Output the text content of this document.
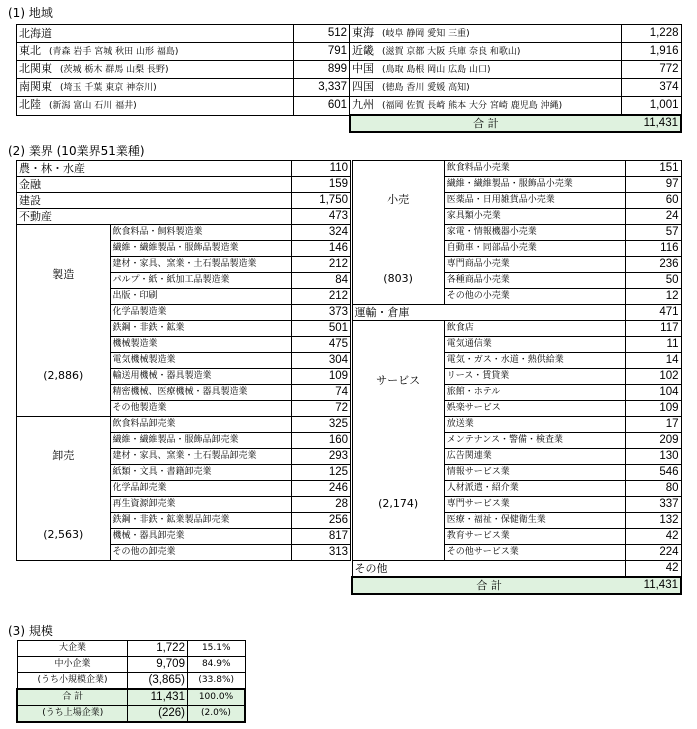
(1) 地域
北海道	512	東海 (岐阜 静岡 愛知 三重)	1,228
東北 (青森 岩手 宮城 秋田 山形 福島)	791	近畿 (滋賀 京都 大阪 兵庫 奈良 和歌山)	1,916
北関東 (茨城 栃木 群馬 山梨 長野)	899	中国 (鳥取 島根 岡山 広島 山口)	772
南関東 (埼玉 千葉 東京 神奈川)	3,337	四国 (徳島 香川 愛媛 高知)	374
北陸 (新潟 富山 石川 福井)	601	九州 (福岡 佐賀 長崎 熊本 大分 宮崎 鹿児島 沖縄)	1,001
		合 計	11,431
(2) 業界 (10業界51業種)
農・林・水産		110
金融		159
建設		1,750
不動産		473

製造
(2,886)	飲食料品・飼料製造業	324
	繊維・繊維製品・服飾品製造業	146
	建材・家具、窯業・土石製品製造業	212
	パルプ・紙・紙加工品製造業	84
	出版・印刷	212
	化学品製造業	373
	鉄鋼・非鉄・鉱業	501
	機械製造業	475
	電気機械製造業	304
	輸送用機械・器具製造業	109
	精密機械、医療機械・器具製造業	74
	その他製造業	72

卸売
(2,563)	飲食料品卸売業	325
	繊維・繊維製品・服飾品卸売業	160
	建材・家具、窯業・土石製品卸売業	293
	紙類・文具・書籍卸売業	125
	化学品卸売業	246
	再生資源卸売業	28
	鉄鋼・非鉄・鉱業製品卸売業	256
	機械・器具卸売業	817
	その他の卸売業	313
小売
(803)	飲食料品小売業	151
	繊維・繊維製品・服飾品小売業	97
	医薬品・日用雑貨品小売業	60
	家具類小売業	24
	家電・情報機器小売業	57
	自動車・同部品小売業	116
	専門商品小売業	236
	各種商品小売業	50
	その他の小売業	12
運輸・倉庫		471

サービス
(2,174)	飲食店	117
	電気通信業	11
	電気・ガス・水道・熱供給業	14
	リース・賃貸業	102
	旅館・ホテル	104
	娯楽サービス	109
	放送業	17
	メンテナンス・警備・検査業	209
	広告関連業	130
	情報サービス業	546
	人材派遣・紹介業	80
	専門サービス業	337
	医療・福祉・保健衛生業	132
	教育サービス業	42
	その他サービス業	224
その他		42
合 計		11,431
(3) 規模
大企業	1,722	15.1%
中小企業	9,709	84.9%
(うち小規模企業)	(3,865)	(33.8%)
合 計	11,431	100.0%
(うち上場企業)	(226)	(2.0%)
